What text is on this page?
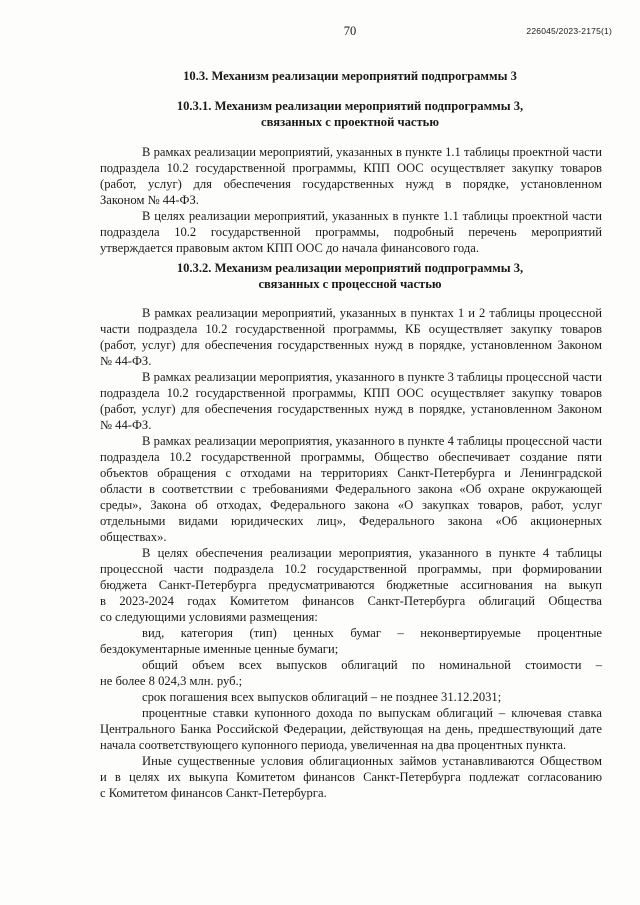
70	226045/2023-2175(1)
10.3. Механизм реализации мероприятий подпрограммы 3
10.3.1. Механизм реализации мероприятий подпрограммы 3,
связанных с проектной частью
В рамках реализации мероприятий, указанных в пункте 1.1 таблицы проектной части
подраздела 10.2 государственной программы, КПП ООС осуществляет закупку товаров
(работ, услуг) для обеспечения государственных нужд в порядке, установленном
Законом № 44-ФЗ.
В целях реализации мероприятий, указанных в пункте 1.1 таблицы проектной части
подраздела 10.2 государственной программы, подробный перечень мероприятий
утверждается правовым актом КПП ООС до начала финансового года.
10.3.2. Механизм реализации мероприятий подпрограммы 3,
связанных с процессной частью
В рамках реализации мероприятий, указанных в пунктах 1 и 2 таблицы процессной
части подраздела 10.2 государственной программы, КБ осуществляет закупку товаров
(работ, услуг) для обеспечения государственных нужд в порядке, установленном Законом
№ 44-ФЗ.
В рамках реализации мероприятия, указанного в пункте 3 таблицы процессной части
подраздела 10.2 государственной программы, КПП ООС осуществляет закупку товаров
(работ, услуг) для обеспечения государственных нужд в порядке, установленном Законом
№ 44-ФЗ.
В рамках реализации мероприятия, указанного в пункте 4 таблицы процессной части
подраздела 10.2 государственной программы, Общество обеспечивает создание пяти
объектов обращения с отходами на территориях Санкт-Петербурга и Ленинградской
области в соответствии с требованиями Федерального закона «Об охране окружающей
среды», Закона об отходах, Федерального закона «О закупках товаров, работ, услуг
отдельными видами юридических лиц», Федерального закона «Об акционерных
обществах».
В целях обеспечения реализации мероприятия, указанного в пункте 4 таблицы
процессной части подраздела 10.2 государственной программы, при формировании
бюджета Санкт-Петербурга предусматриваются бюджетные ассигнования на выкуп
в 2023-2024 годах Комитетом финансов Санкт-Петербурга облигаций Общества
со следующими условиями размещения:
вид, категория (тип) ценных бумаг – неконвертируемые процентные
бездокументарные именные ценные бумаги;
общий объем всех выпусков облигаций по номинальной стоимости –
не более 8 024,3 млн. руб.;
срок погашения всех выпусков облигаций – не позднее 31.12.2031;
процентные ставки купонного дохода по выпускам облигаций – ключевая ставка
Центрального Банка Российской Федерации, действующая на день, предшествующий дате
начала соответствующего купонного периода, увеличенная на два процентных пункта.
Иные существенные условия облигационных займов устанавливаются Обществом
и в целях их выкупа Комитетом финансов Санкт-Петербурга подлежат согласованию
с Комитетом финансов Санкт-Петербурга.
